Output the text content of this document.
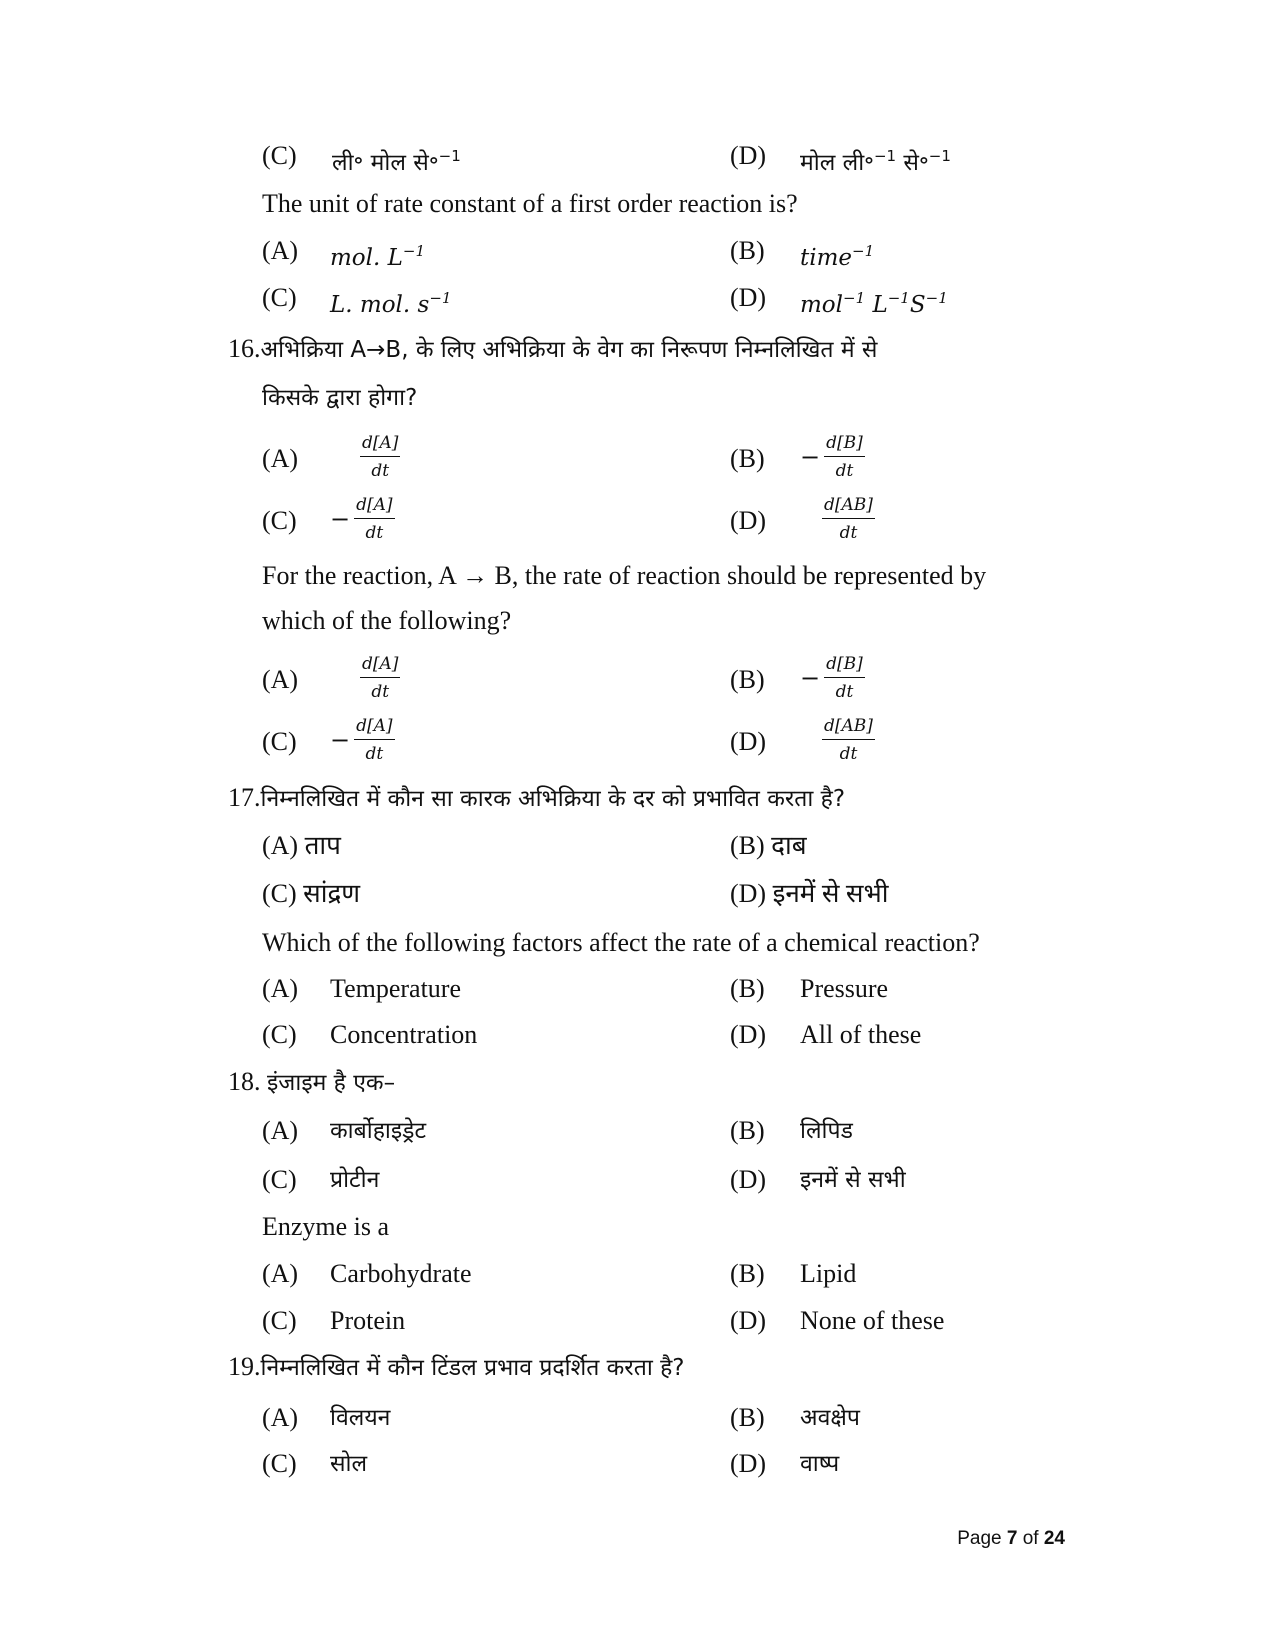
(C) ली॰ मोल से॰$^{-1}$	(D) मोल ली॰$^{-1}$ से॰$^{-1}$
The unit of rate constant of a first order reaction is?
(A) mol. $L^{-1}$	(B) time$^{-1}$
(C) L. mol. $s^{-1}$	(D) mol$^{-1}$ $L^{-1}S^{-1}$
16.अभिक्रिया A→B, के लिए अभिक्रिया के वेग का निरूपण निम्नलिखित में से
किसके द्वारा होगा?
(A)	$\frac{d[A]}{dt}$	$(B) - \frac{d[B]}{dt}$
$(C) - \frac{d[A]}{dt}$	(D)	$\frac{d[AB]}{dt}$
For the reaction, A → B, the rate of reaction should be represented by
which of the following?
(A)	$\frac{d[A]}{dt}$	$(B) - \frac{d[B]}{dt}$
$(C) - \frac{d[A]}{dt}$	(D)	$\frac{d[AB]}{dt}$
17.निम्नलिखित में कौन सा कारक अभिक्रिया के दर को प्रभावित करता है?
(A) ताप	(B) दाब
(C) सांद्रण	(D) इनमें से सभी
Which of the following factors affect the rate of a chemical reaction?
(A) Temperature	(B) Pressure
(C) Concentration	(D) All of these
18. इंजाइम है एक–
(A) कार्बोहाइड्रेट	(B) लिपिड
(C) प्रोटीन	(D) इनमें से सभी
Enzyme is a
(A) Carbohydrate	(B) Lipid
(C) Protein	(D) None of these
19.निम्नलिखित में कौन टिंडल प्रभाव प्रदर्शित करता है?
(A) विलयन	(B) अवक्षेप
(C) सोल	(D) वाष्प
Page 7 of 24
